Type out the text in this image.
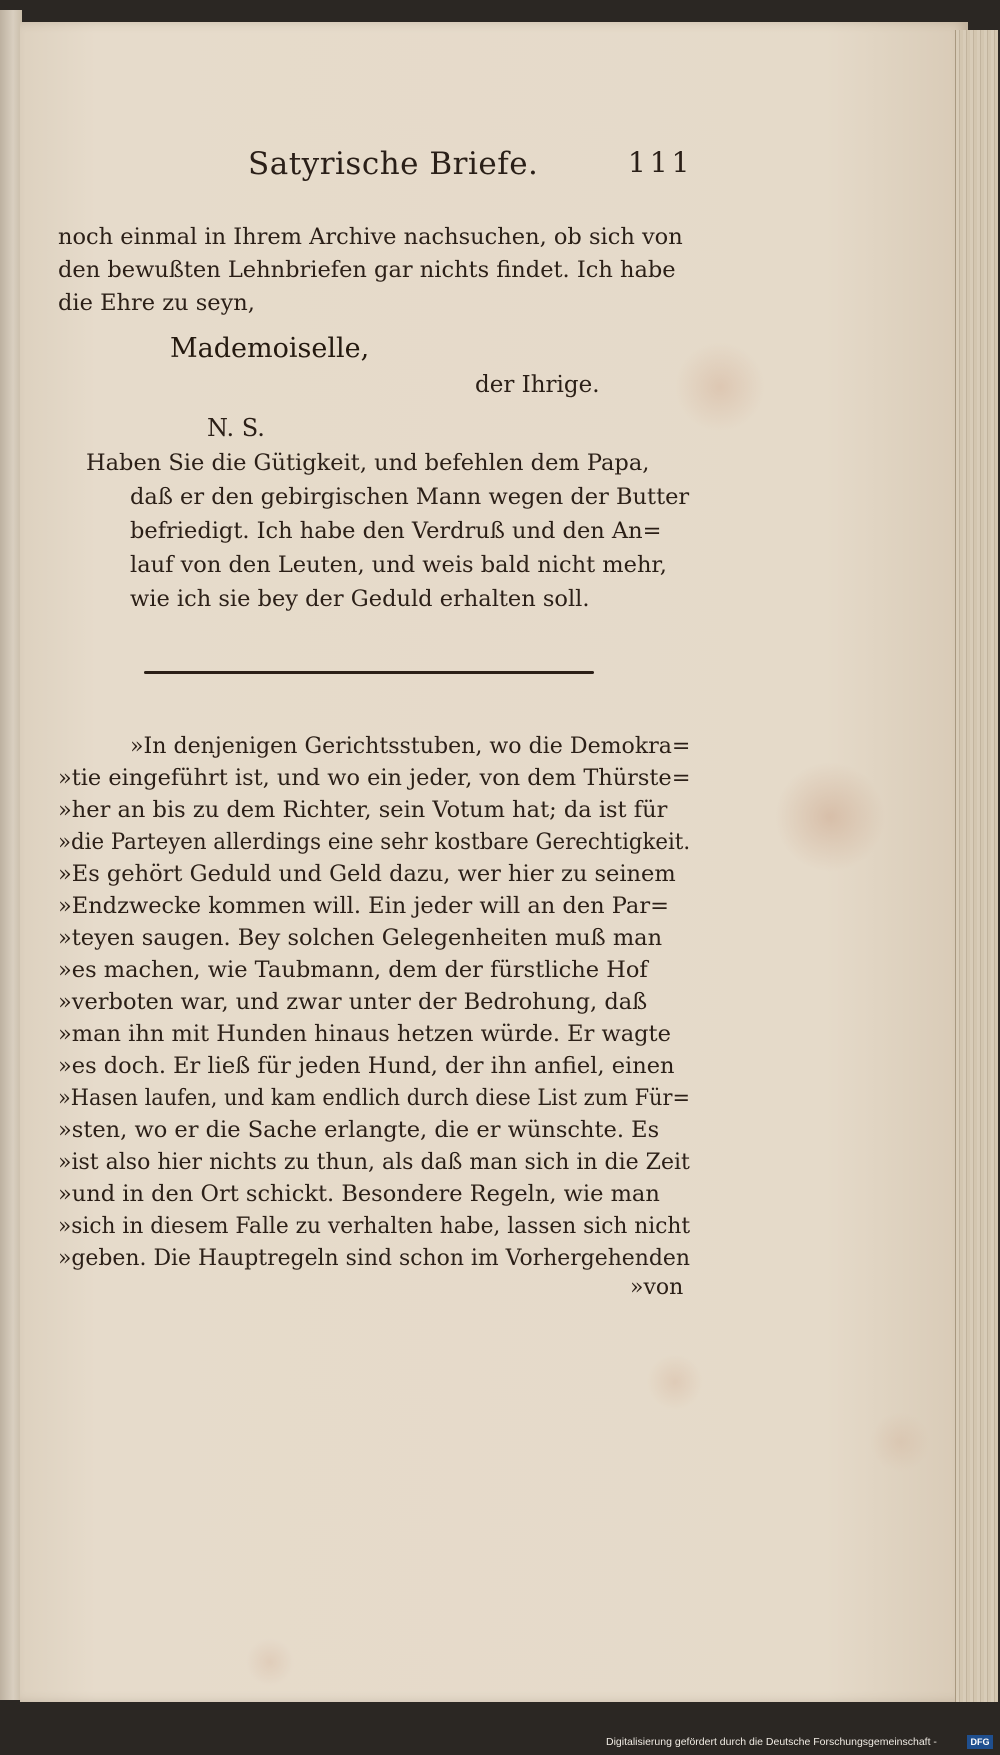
Satyrische Briefe.	111
noch einmal in Ihrem Archive nachsuchen, ob sich von
den bewußten Lehnbriefen gar nichts findet. Ich habe
die Ehre zu seyn,
Mademoiselle,
der Ihrige.
N. S.
Haben Sie die Gütigkeit, und befehlen dem Papa,
daß er den gebirgischen Mann wegen der Butter
befriedigt. Ich habe den Verdruß und den An=
lauf von den Leuten, und weis bald nicht mehr,
wie ich sie bey der Geduld erhalten soll.
»In denjenigen Gerichtsstuben, wo die Demokra=
»tie eingeführt ist, und wo ein jeder, von dem Thürste=
»her an bis zu dem Richter, sein Votum hat; da ist für
»die Parteyen allerdings eine sehr kostbare Gerechtigkeit.
»Es gehört Geduld und Geld dazu, wer hier zu seinem
»Endzwecke kommen will. Ein jeder will an den Par=
»teyen saugen. Bey solchen Gelegenheiten muß man
»es machen, wie Taubmann, dem der fürstliche Hof
»verboten war, und zwar unter der Bedrohung, daß
»man ihn mit Hunden hinaus hetzen würde. Er wagte
»es doch. Er ließ für jeden Hund, der ihn anfiel, einen
»Hasen laufen, und kam endlich durch diese List zum Für=
»sten, wo er die Sache erlangte, die er wünschte. Es
»ist also hier nichts zu thun, als daß man sich in die Zeit
»und in den Ort schickt. Besondere Regeln, wie man
»sich in diesem Falle zu verhalten habe, lassen sich nicht
»geben. Die Hauptregeln sind schon im Vorhergehenden
»von
Digitalisierung gefördert durch die Deutsche Forschungsgemeinschaft -	DFG
